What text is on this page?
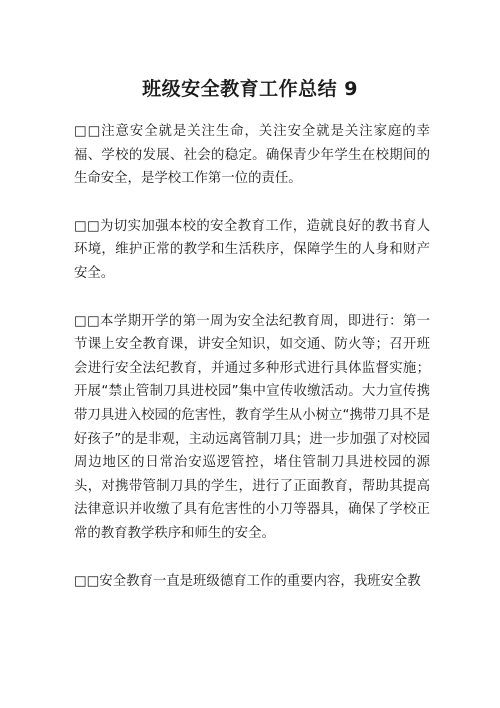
班级安全教育工作总结 9

□□注意安全就是关注生命，关注安全就是关注家庭的幸福、学校的发展、社会的稳定。确保青少年学生在校期间的生命安全，是学校工作第一位的责任。

□□为切实加强本校的安全教育工作，造就良好的教书育人环境，维护正常的教学和生活秩序，保障学生的人身和财产安全。

□□本学期开学的第一周为安全法纪教育周，即进行：第一节课上安全教育课，讲安全知识，如交通、防火等；召开班会进行安全法纪教育，并通过多种形式进行具体监督实施；开展“禁止管制刀具进校园”集中宣传收缴活动。大力宣传携带刀具进入校园的危害性，教育学生从小树立“携带刀具不是好孩子”的是非观，主动远离管制刀具；进一步加强了对校园周边地区的日常治安巡逻管控，堵住管制刀具进校园的源头，对携带管制刀具的学生，进行了正面教育，帮助其提高法律意识并收缴了具有危害性的小刀等器具，确保了学校正常的教育教学秩序和师生的安全。

□□安全教育一直是班级德育工作的重要内容，我班安全教
